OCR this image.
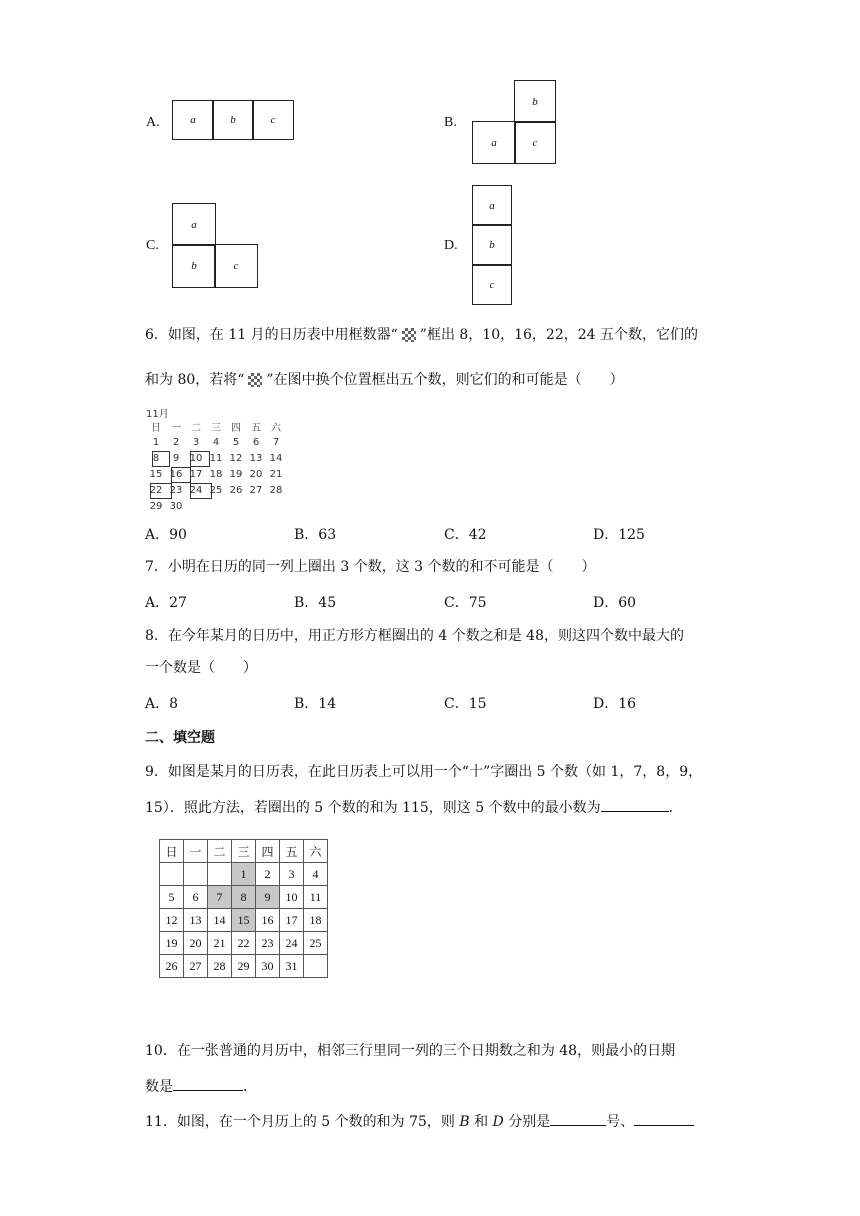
A.	a	b	c	B.
b
a	c
C.
a
b	c
D.
a
b
c
6．如图，在 11 月的日历表中用框数器“ ”框出 8，10，16，22，24 五个数，它们的
和为 80，若将“ ”在图中换个位置框出五个数，则它们的和可能是（　　）
11月
日	一	二	三	四	五	六
1	2	3	4	5	6	7
8	9	10 11 12 13 14
15 16 17 18 19 20 21
22 23 24 25 26 27 28
29 30
A．90	B．63	C．42	D．125
7．小明在日历的同一列上圈出 3 个数，这 3 个数的和不可能是（　　）
A．27	B．45	C．75	D．60
8．在今年某月的日历中，用正方形方框圈出的 4 个数之和是 48，则这四个数中最大的
一个数是（　　）
A．8	B．14	C．15	D．16
二、填空题
9．如图是某月的日历表，在此日历表上可以用一个“十”字圈出 5 个数（如 1，7，8，9，
15）．照此方法，若圈出的 5 个数的和为 115，则这 5 个数中的最小数为	．
日	一	二	三	四	五	六
			1	2	3	4
5	6	7	8	9	10	11
12	13	14	15	16	17	18
19	20	21	22	23	24	25
26	27	28	29	30	31	
10．在一张普通的月历中，相邻三行里同一列的三个日期数之和为 48，则最小的日期
数是	．
11．如图，在一个月历上的 5 个数的和为 75，则 B 和 D 分别是	号、
